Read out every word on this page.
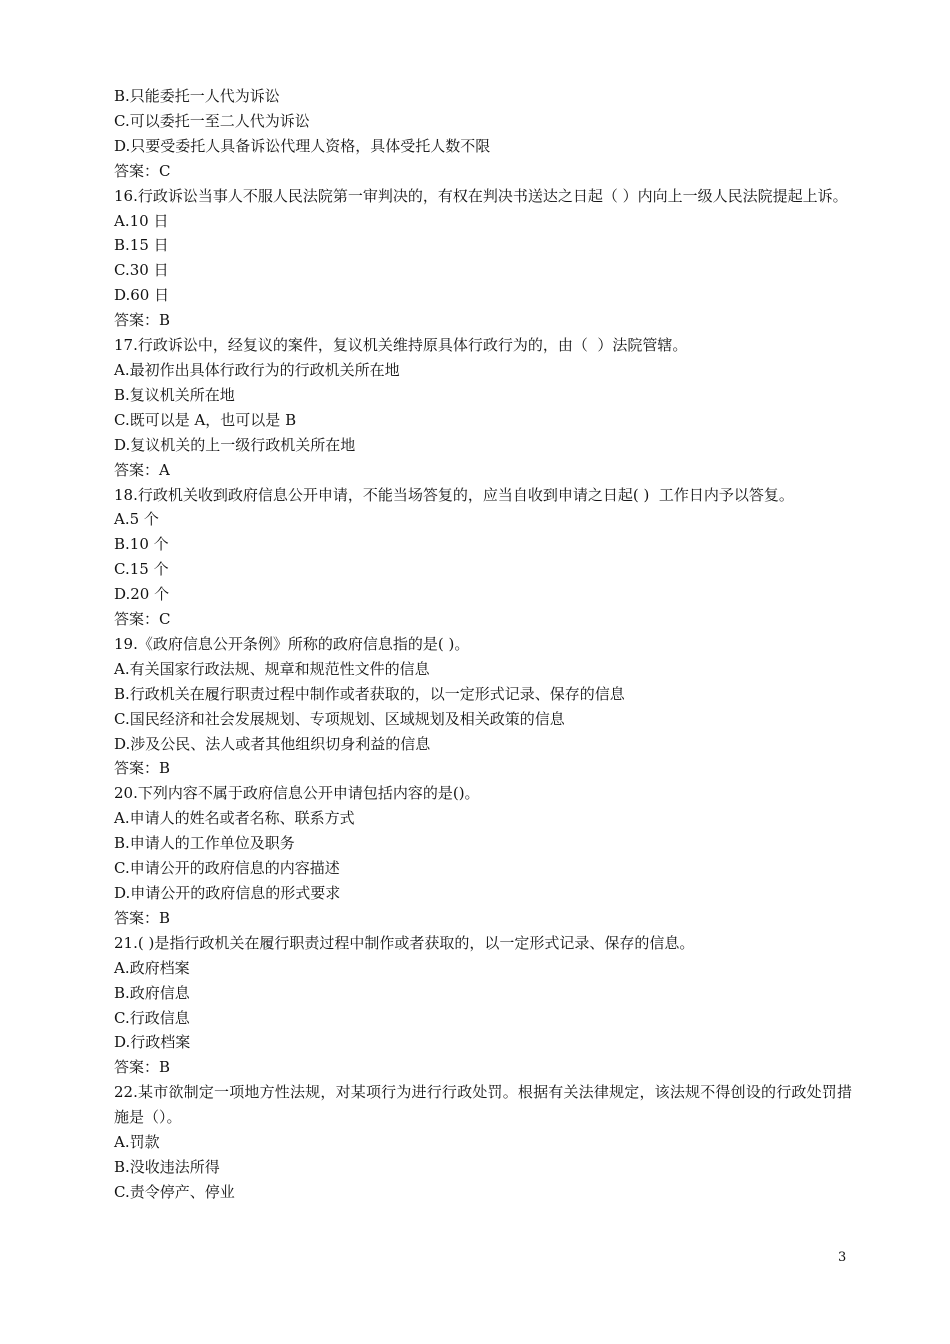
B.只能委托一人代为诉讼
C.可以委托一至二人代为诉讼
D.只要受委托人具备诉讼代理人资格，具体受托人数不限
答案：C
16.行政诉讼当事人不服人民法院第一审判决的，有权在判决书送达之日起（ ）内向上一级人民法院提起上诉。
A.10 日
B.15 日
C.30 日
D.60 日
答案：B
17.行政诉讼中，经复议的案件，复议机关维持原具体行政行为的，由（  ）法院管辖。
A.最初作出具体行政行为的行政机关所在地
B.复议机关所在地
C.既可以是 A，也可以是 B
D.复议机关的上一级行政机关所在地
答案：A
18.行政机关收到政府信息公开申请，不能当场答复的，应当自收到申请之日起( )  工作日内予以答复。
A.5 个
B.10 个
C.15 个
D.20 个
答案：C
19.《政府信息公开条例》所称的政府信息指的是( )。
A.有关国家行政法规、规章和规范性文件的信息
B.行政机关在履行职责过程中制作或者获取的，以一定形式记录、保存的信息
C.国民经济和社会发展规划、专项规划、区域规划及相关政策的信息
D.涉及公民、法人或者其他组织切身利益的信息
答案：B
20.下列内容不属于政府信息公开申请包括内容的是()。
A.申请人的姓名或者名称、联系方式
B.申请人的工作单位及职务
C.申请公开的政府信息的内容描述
D.申请公开的政府信息的形式要求
答案：B
21.( )是指行政机关在履行职责过程中制作或者获取的，以一定形式记录、保存的信息。
A.政府档案
B.政府信息
C.行政信息
D.行政档案
答案：B
22.某市欲制定一项地方性法规，对某项行为进行行政处罚。根据有关法律规定，该法规不得创设的行政处罚措施是（）。
A.罚款
B.没收违法所得
C.责令停产、停业
3
